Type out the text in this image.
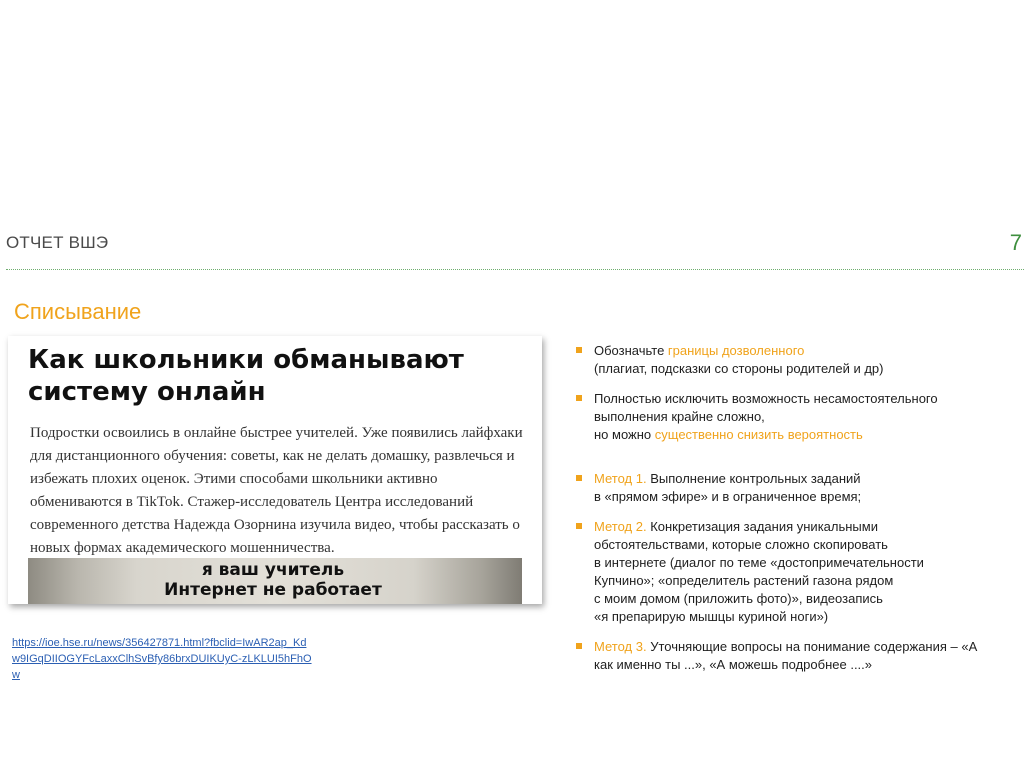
ОТЧЕТ ВШЭ	7
Списывание
Как школьники обманывают систему онлайн
Подростки освоились в онлайне быстрее учителей. Уже появились лайфхаки для дистанционного обучения: советы, как не делать домашку, развлечься и избежать плохих оценок. Этими способами школьники активно обмениваются в TikTok. Стажер-исследователь Центра исследований современного детства Надежда Озорнина изучила видео, чтобы рассказать о новых формах академического мошенничества.
я ваш учитель
Интернет не работает
https://ioe.hse.ru/news/356427871.html?fbclid=IwAR2ap_Kdw9IGqDIIOGYFcLaxxClhSvBfy86brxDUIKUyC-zLKLUI5hFhOw
Обозначьте границы дозволенного
(плагиат, подсказки со стороны родителей и др)
Полностью исключить возможность несамостоятельного
выполнения крайне сложно,
но можно существенно снизить вероятность
Метод 1. Выполнение контрольных заданий
в «прямом эфире» и в ограниченное время;
Метод 2. Конкретизация задания уникальными
обстоятельствами, которые сложно скопировать
в интернете (диалог по теме «достопримечательности
Купчино»; «определитель растений газона рядом
с моим домом (приложить фото)», видеозапись
«я препарирую мышцы куриной ноги»)
Метод 3. Уточняющие вопросы на понимание содержания – «А
как именно ты ...», «А можешь подробнее ....»
